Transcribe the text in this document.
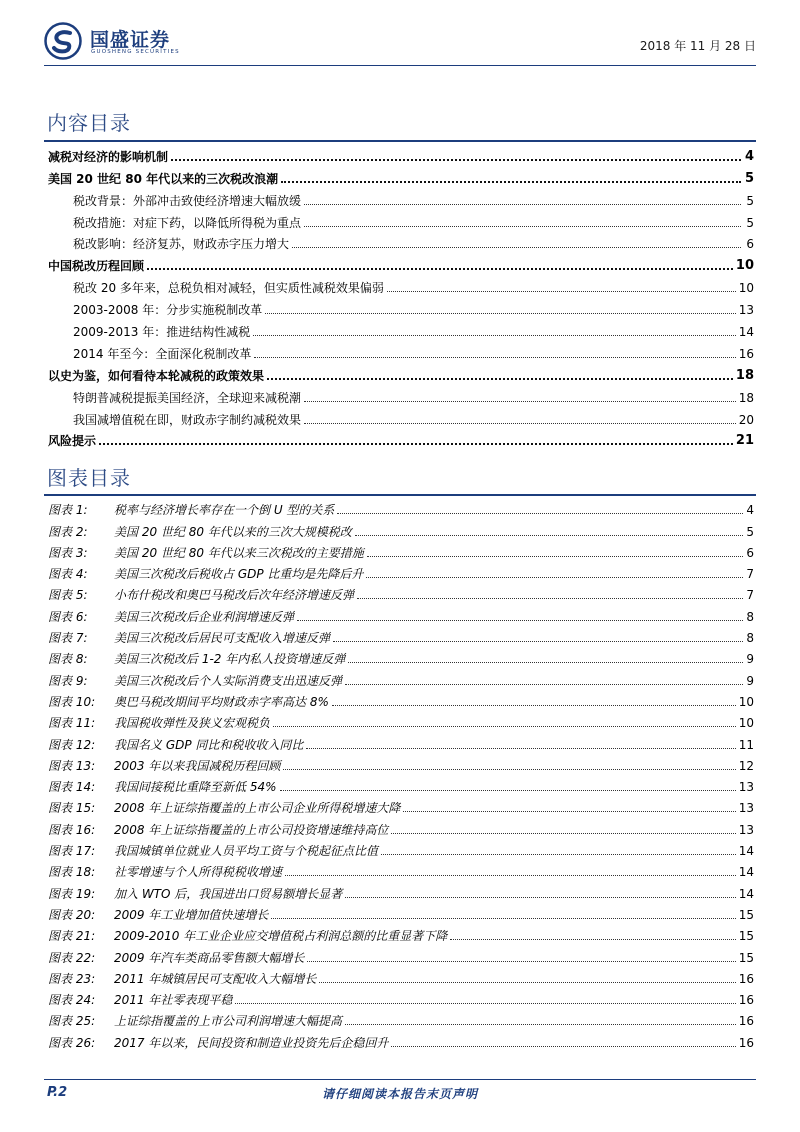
国盛证券
GUOSHENG SECURITIES	2018 年 11 月 28 日
内容目录
减税对经济的影响机制	4
美国 20 世纪 80 年代以来的三次税改浪潮	5
税改背景：外部冲击致使经济增速大幅放缓	5
税改措施：对症下药，以降低所得税为重点	5
税改影响：经济复苏，财政赤字压力增大	6
中国税改历程回顾	10
税改 20 多年来，总税负相对减轻，但实质性减税效果偏弱	10
2003-2008 年：分步实施税制改革	13
2009-2013 年：推进结构性减税	14
2014 年至今：全面深化税制改革	16
以史为鉴，如何看待本轮减税的政策效果	18
特朗普减税提振美国经济，全球迎来减税潮	18
我国减增值税在即，财政赤字制约减税效果	20
风险提示	21
图表目录
图表 1:	税率与经济增长率存在一个倒 U 型的关系	4
图表 2:	美国 20 世纪 80 年代以来的三次大规模税改	5
图表 3:	美国 20 世纪 80 年代以来三次税改的主要措施	6
图表 4:	美国三次税改后税收占 GDP 比重均是先降后升	7
图表 5:	小布什税改和奥巴马税改后次年经济增速反弹	7
图表 6:	美国三次税改后企业利润增速反弹	8
图表 7:	美国三次税改后居民可支配收入增速反弹	8
图表 8:	美国三次税改后 1-2 年内私人投资增速反弹	9
图表 9:	美国三次税改后个人实际消费支出迅速反弹	9
图表 10:	奥巴马税改期间平均财政赤字率高达 8%	10
图表 11:	我国税收弹性及狭义宏观税负	10
图表 12:	我国名义 GDP 同比和税收收入同比	11
图表 13:	2003 年以来我国减税历程回顾	12
图表 14:	我国间接税比重降至新低 54%	13
图表 15:	2008 年上证综指覆盖的上市公司企业所得税增速大降	13
图表 16:	2008 年上证综指覆盖的上市公司投资增速维持高位	13
图表 17:	我国城镇单位就业人员平均工资与个税起征点比值	14
图表 18:	社零增速与个人所得税税收增速	14
图表 19:	加入 WTO 后，我国进出口贸易额增长显著	14
图表 20:	2009 年工业增加值快速增长	15
图表 21:	2009-2010 年工业企业应交增值税占利润总额的比重显著下降	15
图表 22:	2009 年汽车类商品零售额大幅增长	15
图表 23:	2011 年城镇居民可支配收入大幅增长	16
图表 24:	2011 年社零表现平稳	16
图表 25:	上证综指覆盖的上市公司利润增速大幅提高	16
图表 26:	2017 年以来，民间投资和制造业投资先后企稳回升	16
P.2	请仔细阅读本报告末页声明
